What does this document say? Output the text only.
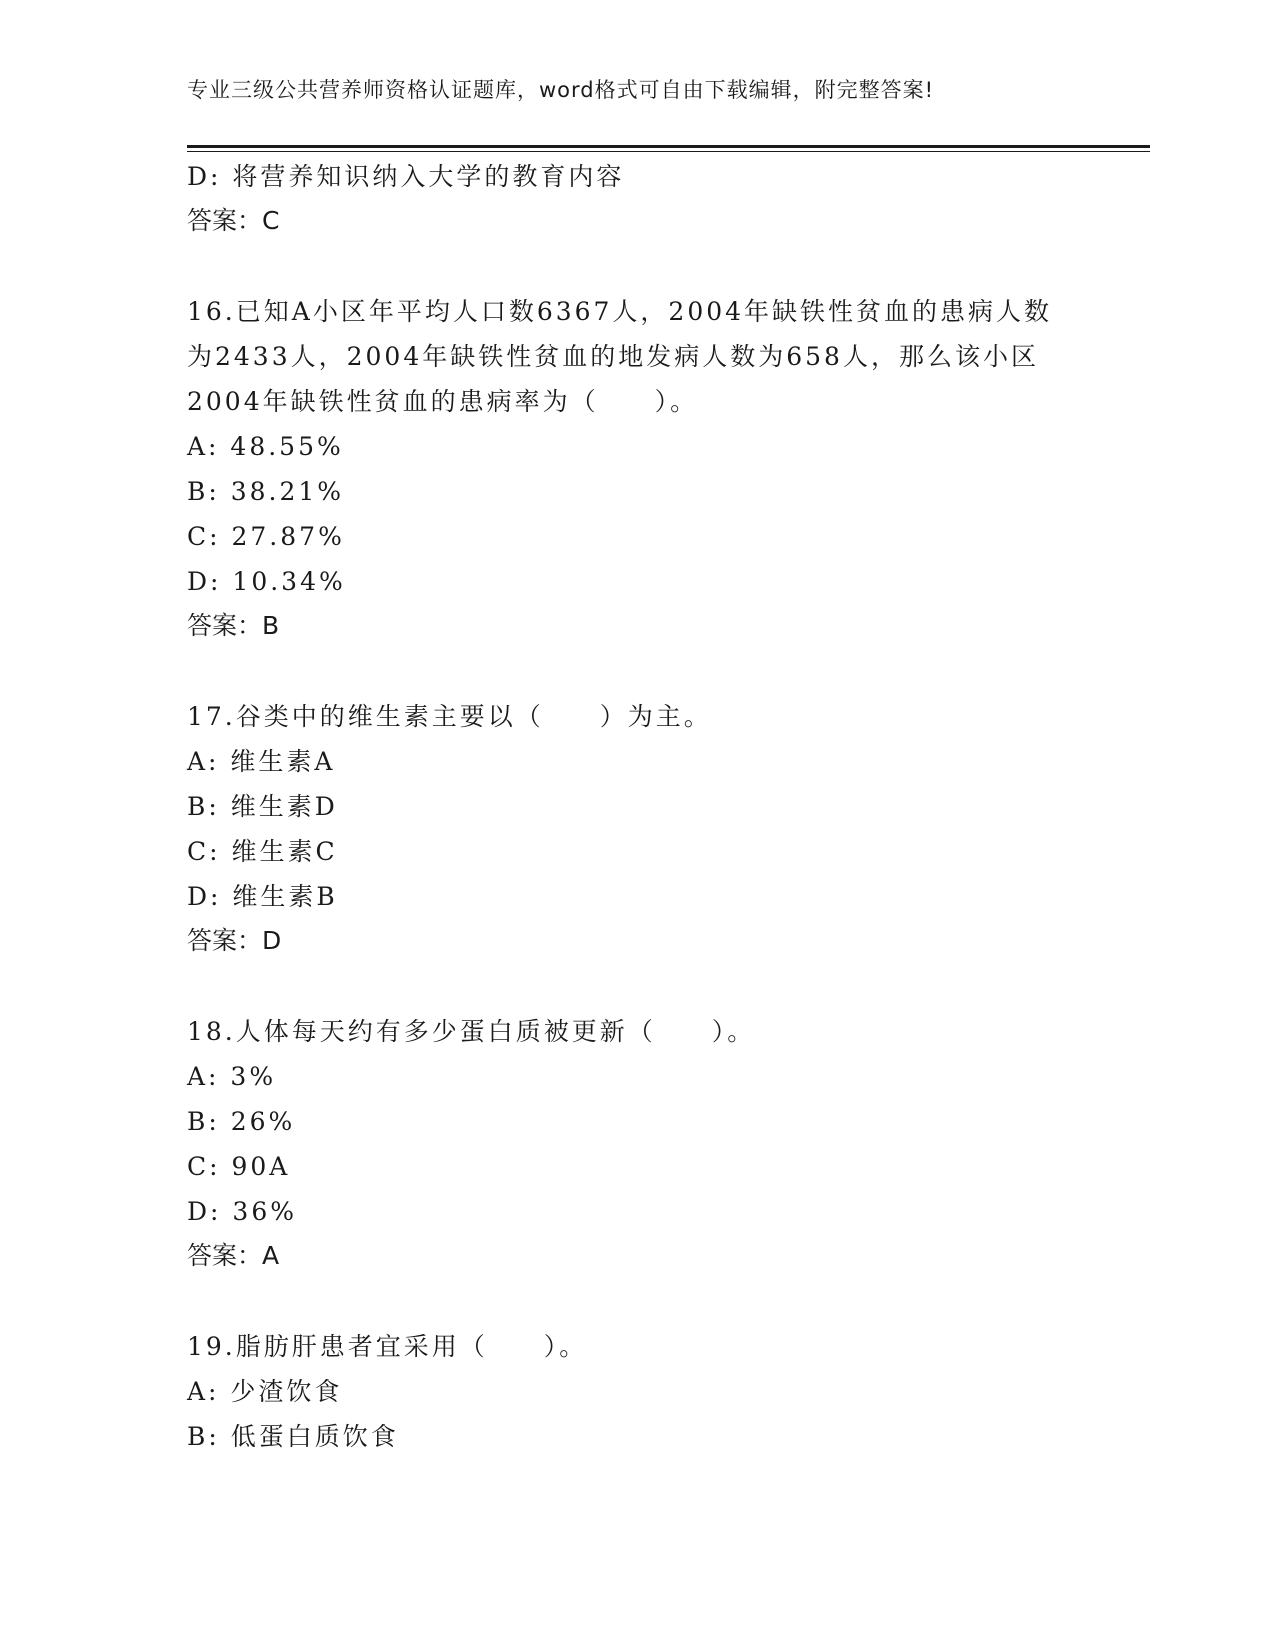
专业三级公共营养师资格认证题库，word格式可自由下载编辑，附完整答案!
D: 将营养知识纳入大学的教育内容
答案：C
16.已知A小区年平均人口数6367人，2004年缺铁性贫血的患病人数
为2433人，2004年缺铁性贫血的地发病人数为658人，那么该小区
2004年缺铁性贫血的患病率为（　　）。
A: 48.55%
B: 38.21%
C: 27.87%
D: 10.34%
答案：B
17.谷类中的维生素主要以（　　）为主。
A: 维生素A
B: 维生素D
C: 维生素C
D: 维生素B
答案：D
18.人体每天约有多少蛋白质被更新（　　）。
A: 3%
B: 26%
C: 90A
D: 36%
答案：A
19.脂肪肝患者宜采用（　　）。
A: 少渣饮食
B: 低蛋白质饮食
